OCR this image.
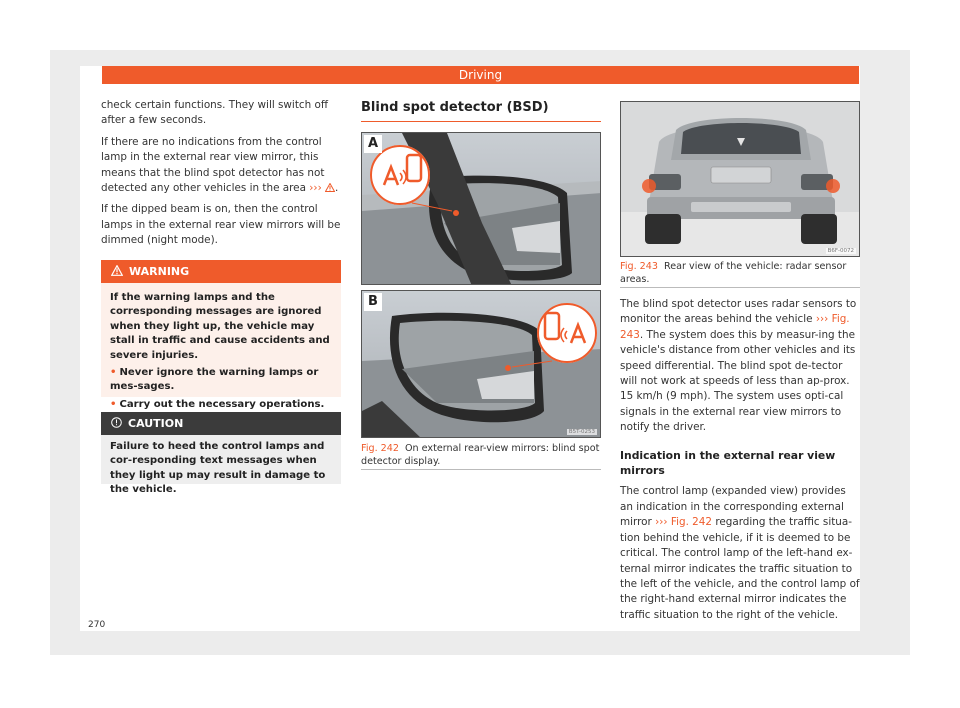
Driving

check certain functions. They will switch off after a few seconds.

If there are no indications from the control lamp in the external rear view mirror, this means that the blind spot detector has not detected any other vehicles in the area ››› .

If the dipped beam is on, then the control lamps in the external rear view mirrors will be dimmed (night mode).

WARNING

If the warning lamps and the corresponding messages are ignored when they light up, the vehicle may stall in traffic and cause accidents and severe injuries.

• Never ignore the warning lamps or mes-sages.

• Carry out the necessary operations.

CAUTION
Failure to heed the control lamps and cor-responding text messages when they light up may result in damage to the vehicle.
Blind spot detector (BSD)
A
B
B5T-0253
Fig. 242 On external rear-view mirrors: blind spot detector display.
B6F-0072
Fig. 243 Rear view of the vehicle: radar sensor areas.

The blind spot detector uses radar sensors to monitor the areas behind the vehicle ››› Fig. 243. The system does this by measur-ing the vehicle's distance from other vehicles and its speed differential. The blind spot de-tector will not work at speeds of less than ap-prox. 15 km/h (9 mph). The system uses opti-cal signals in the external rear view mirrors to notify the driver.

Indication in the external rear view mirrors

The control lamp (expanded view) provides an indication in the corresponding external mirror ››› Fig. 242 regarding the traffic situa-tion behind the vehicle, if it is deemed to be critical. The control lamp of the left-hand ex-ternal mirror indicates the traffic situation to the left of the vehicle, and the control lamp of the right-hand external mirror indicates the traffic situation to the right of the vehicle.

270
